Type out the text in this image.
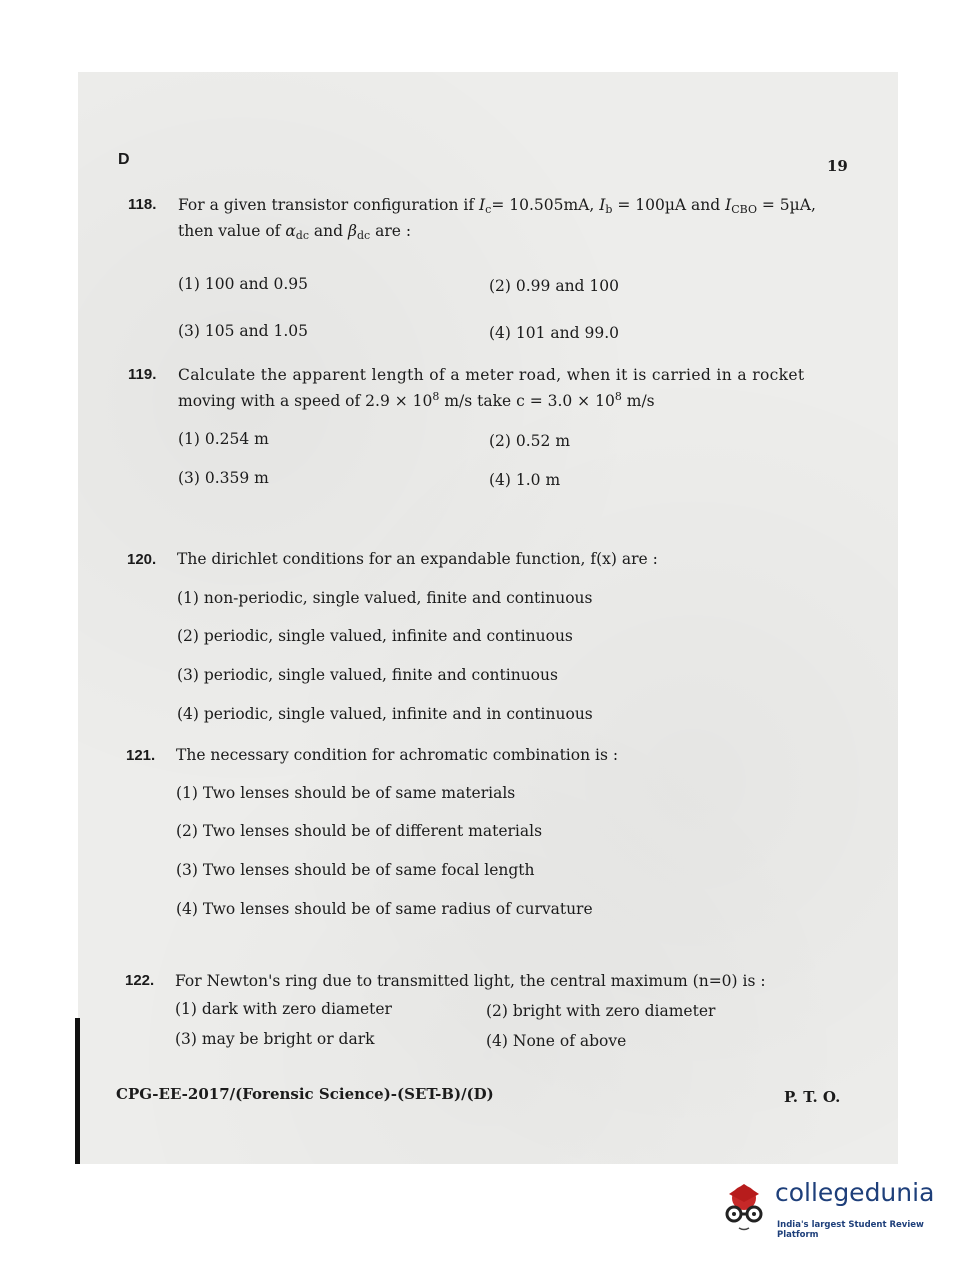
D	19
118. For a given transistor configuration if $I_c= 10.505mA$, $I_b = 100\mu A$ and $I_{CBO} = 5\mu A$,
then value of $\alpha_{dc}$ and $\beta_{dc}$ are :
(1) 100 and 0.95	(2) 0.99 and 100
(3) 105 and 1.05	(4) 101 and 99.0
119. Calculate the apparent length of a meter road, when it is carried in a rocket
moving with a speed of $2.9 \times 10^8$ m/s take $c = 3.0 \times 10^8$ m/s
(1) 0.254 m	(2) 0.52 m
(3) 0.359 m	(4) 1.0 m
120. The dirichlet conditions for an expandable function, f(x) are :
(1) non-periodic, single valued, finite and continuous
(2) periodic, single valued, infinite and continuous
(3) periodic, single valued, finite and continuous
(4) periodic, single valued, infinite and in continuous
121. The necessary condition for achromatic combination is :
(1) Two lenses should be of same materials
(2) Two lenses should be of different materials
(3) Two lenses should be of same focal length
(4) Two lenses should be of same radius of curvature
122. For Newton's ring due to transmitted light, the central maximum (n=0) is :
(1) dark with zero diameter	(2) bright with zero diameter
(3) may be bright or dark	(4) None of above
CPG-EE-2017/(Forensic Science)-(SET-B)/(D)	P. T. O.
collegedunia
India's largest Student Review Platform
